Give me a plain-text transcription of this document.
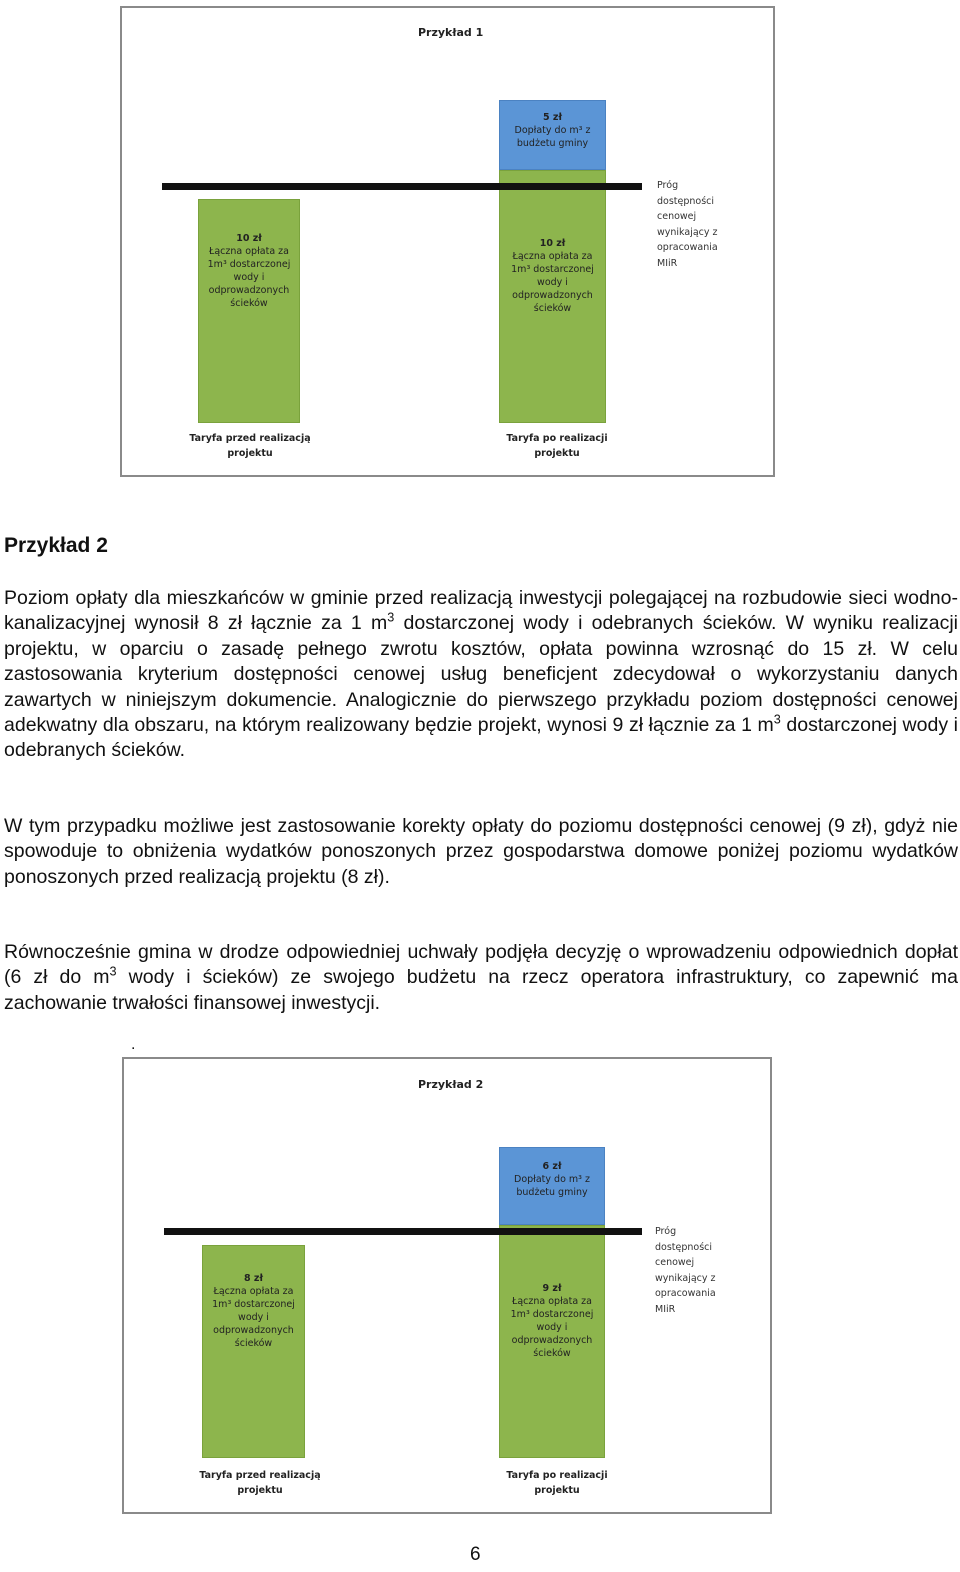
Przykład 1
10 zł
Łączna opłata za
1m³ dostarczonej
wody i
odprowadzonych
ścieków
5 zł
Dopłaty do m³ z
budżetu gminy
10 zł
Łączna opłata za
1m³ dostarczonej
wody i
odprowadzonych
ścieków
Próg
dostępności
cenowej
wynikający z
opracowania
MIiR
Taryfa przed realizacją
projektu
Taryfa po realizacji
projektu
Przykład 2
Poziom opłaty dla mieszkańców w gminie przed realizacją inwestycji polegającej na rozbudowie sieci wodno-kanalizacyjnej wynosił 8 zł łącznie za 1 $m^3$ dostarczonej wody i odebranych ścieków. W wyniku realizacji projektu, w oparciu o zasadę pełnego zwrotu kosztów, opłata powinna wzrosnąć do 15 zł. W celu zastosowania kryterium dostępności cenowej usług beneficjent zdecydował o wykorzystaniu danych zawartych w niniejszym dokumencie. Analogicznie do pierwszego przykładu poziom dostępności cenowej adekwatny dla obszaru, na którym realizowany będzie projekt, wynosi 9 zł łącznie za 1 $m^3$ dostarczonej wody i odebranych ścieków.
W tym przypadku możliwe jest zastosowanie korekty opłaty do poziomu dostępności cenowej (9 zł), gdyż nie spowoduje to obniżenia wydatków ponoszonych przez gospodarstwa domowe poniżej poziomu wydatków ponoszonych przed realizacją projektu (8 zł).
Równocześnie gmina w drodze odpowiedniej uchwały podjęła decyzję o wprowadzeniu odpowiednich dopłat (6 zł do $m^3$ wody i ścieków) ze swojego budżetu na rzecz operatora infrastruktury, co zapewnić ma zachowanie trwałości finansowej inwestycji.
.
Przykład 2
8 zł
Łączna opłata za
1m³ dostarczonej
wody i
odprowadzonych
ścieków
6 zł
Dopłaty do m³ z
budżetu gminy
9 zł
Łączna opłata za
1m³ dostarczonej
wody i
odprowadzonych
ścieków
Próg
dostępności
cenowej
wynikający z
opracowania
MIiR
Taryfa przed realizacją
projektu
Taryfa po realizacji
projektu
6
